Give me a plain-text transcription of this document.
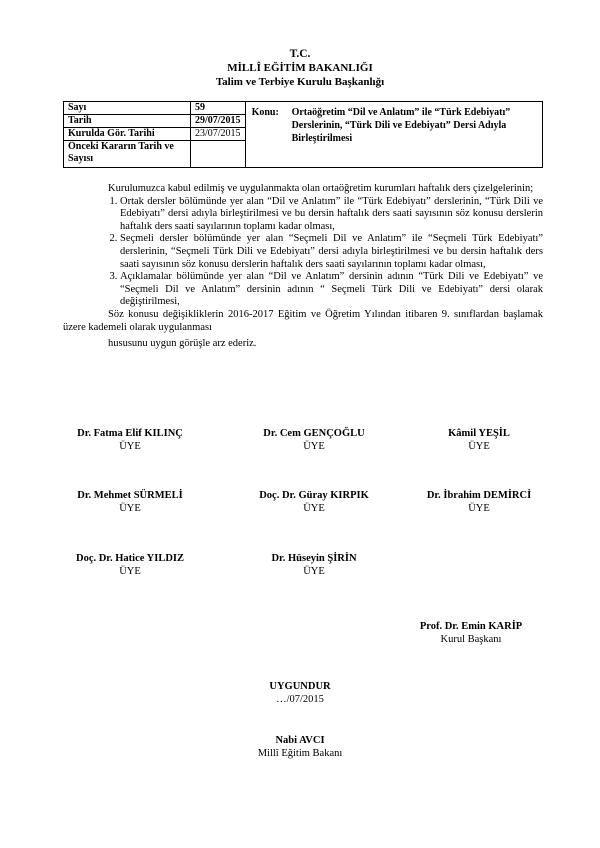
T.C.
MİLLÎ EĞİTİM BAKANLIĞI
Talim ve Terbiye Kurulu Başkanlığı
Sayı	59	Konu: Ortaöğretim “Dil ve Anlatım” ile “Türk Edebiyatı” Derslerinin, “Türk Dili ve Edebiyatı” Dersi Adıyla Birleştirilmesi
Tarih	29/07/2015	
Kurulda Gör. Tarihi	23/07/2015	
Önceki Kararın Tarih ve Sayısı		

Kurulumuzca kabul edilmiş ve uygulanmakta olan ortaöğretim kurumları haftalık ders çizelgelerinin;

1. Ortak dersler bölümünde yer alan “Dil ve Anlatım” ile “Türk Edebiyatı” derslerinin, “Türk Dili ve Edebiyatı” dersi adıyla birleştirilmesi ve bu dersin haftalık ders saati sayısının söz konusu derslerin haftalık ders saati sayılarının toplamı kadar olması,
2. Seçmeli dersler bölümünde yer alan “Seçmeli Dil ve Anlatım” ile “Seçmeli Türk Edebiyatı” derslerinin, “Seçmeli Türk Dili ve Edebiyatı” dersi adıyla birleştirilmesi ve bu dersin haftalık ders saati sayısının söz konusu derslerin haftalık ders saati sayılarının toplamı kadar olması,
3. Açıklamalar bölümünde yer alan “Dil ve Anlatım” dersinin adının “Türk Dili ve Edebiyatı” ve “Seçmeli Dil ve Anlatım” dersinin adının “ Seçmeli Türk Dili ve Edebiyatı” dersi olarak değiştirilmesi,

Söz konusu değişikliklerin 2016-2017 Eğitim ve Öğretim Yılından itibaren 9. sınıflardan başlamak üzere kademeli olarak uygulanması

hususunu uygun görüşle arz ederiz.

Dr. Fatma Elif KILINÇ
ÜYE
Dr. Cem GENÇOĞLU
ÜYE
Kâmil YEŞİL
ÜYE
Dr. Mehmet SÜRMELİ
ÜYE
Doç. Dr. Güray KIRPIK
ÜYE
Dr. İbrahim DEMİRCİ
ÜYE
Doç. Dr. Hatice YILDIZ
ÜYE
Dr. Hüseyin ŞİRİN
ÜYE
Prof. Dr. Emin KARİP
Kurul Başkanı
UYGUNDUR
…/07/2015
Nabi AVCI
Millî Eğitim Bakanı
